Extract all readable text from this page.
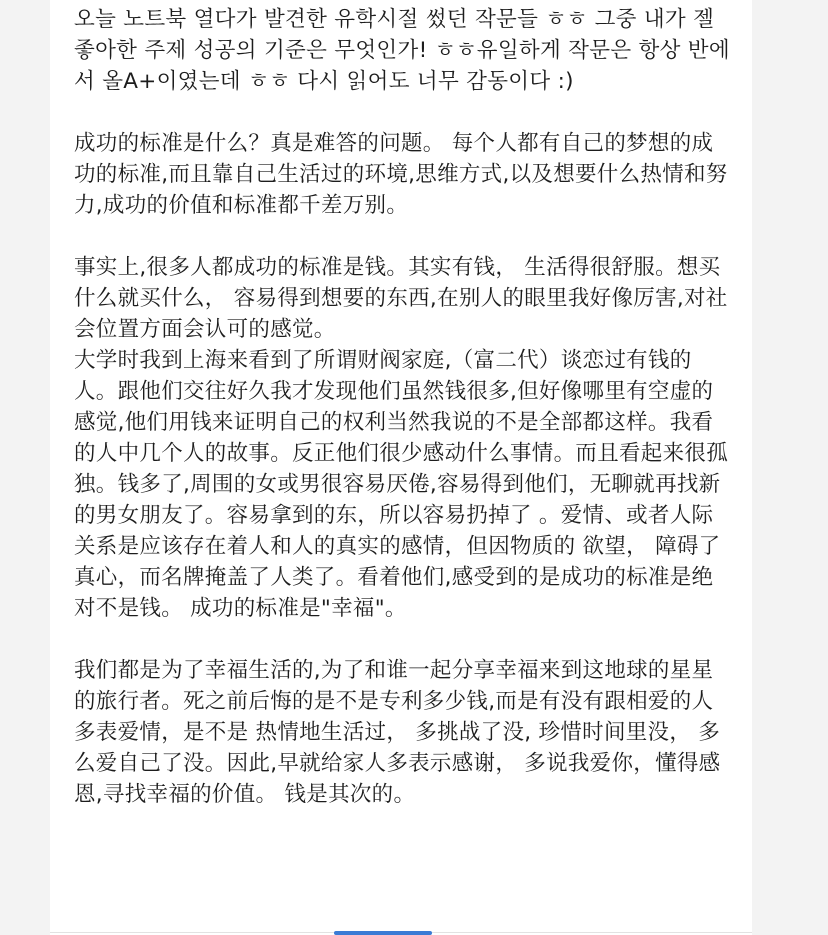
오늘 노트북 열다가 발견한 유학시절 썼던 작문들 ㅎㅎ 그중 내가 젤 좋아한 주제 성공의 기준은 무엇인가! ㅎㅎ유일하게 작문은 항상 반에서 올A+이였는데 ㅎㅎ 다시 읽어도 너무 감동이다 :)

成功的标准是什么？真是难答的问题。 每个人都有自己的梦想的成功的标准,而且靠自己生活过的环境,思维方式,以及想要什么热情和努力,成功的价值和标准都千差万别。

事实上,很多人都成功的标准是钱。其实有钱， 生活得很舒服。想买什么就买什么， 容易得到想要的东西,在别人的眼里我好像厉害,对社会位置方面会认可的感觉。

大学时我到上海来看到了所谓财阀家庭,（富二代）谈恋过有钱的人。跟他们交往好久我才发现他们虽然钱很多,但好像哪里有空虚的感觉,他们用钱来证明自己的权利当然我说的不是全部都这样。我看的人中几个人的故事。反正他们很少感动什么事情。而且看起来很孤独。钱多了,周围的女或男很容易厌倦,容易得到他们，无聊就再找新的男女朋友了。容易拿到的东，所以容易扔掉了 。爱情、或者人际关系是应该存在着人和人的真实的感情，但因物质的 欲望， 障碍了真心，而名牌掩盖了人类了。看着他们,感受到的是成功的标准是绝对不是钱。 成功的标准是"幸福"。

我们都是为了幸福生活的,为了和谁一起分享幸福来到这地球的星星的旅行者。死之前后悔的是不是专利多少钱,而是有没有跟相爱的人多表爱情，是不是 热情地生活过， 多挑战了没, 珍惜时间里没， 多么爱自己了没。因此,早就给家人多表示感谢， 多说我爱你，懂得感恩,寻找幸福的价值。 钱是其次的。
